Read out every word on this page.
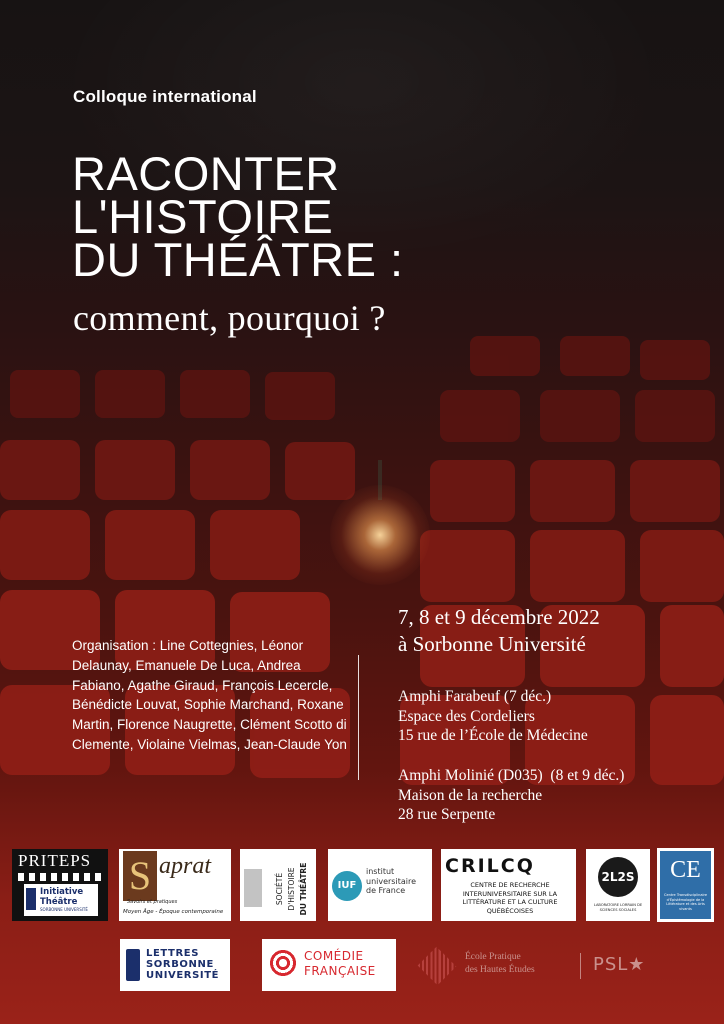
Colloque international
RACONTER
L'HISTOIRE
DU THÉÂTRE :
comment, pourquoi ?
Organisation : Line Cottegnies, Léonor Delaunay, Emanuele De Luca, Andrea Fabiano, Agathe Giraud, François Lecercle, Bénédicte Louvat, Sophie Marchand, Roxane Martin, Florence Naugrette, Clément Scotto di Clemente, Violaine Vielmas, Jean-Claude Yon
7, 8 et 9 décembre 2022
à Sorbonne Université
Amphi Farabeuf (7 déc.)
Espace des Cordeliers
15 rue de l’École de Médecine
Amphi Molinié (D035)  (8 et 9 déc.)
Maison de la recherche
28 rue Serpente
PRITEPS
Initiative
Théâtre
SORBONNE UNIVERSITÉ
S aprat
Savoirs et pratiques
Moyen Âge - Époque contemporaine
SOCIÉTÉ D'HISTOIRE DU THÉÂTRE	IUF
institut
universitaire
de France
CRILCQ
CENTRE DE RECHERCHE INTERUNIVERSITAIRE SUR LA LITTÉRATURE ET LA CULTURE QUÉBÉCOISES
2L2S
LABORATOIRE LORRAIN DE SCIENCES SOCIALES
CE
Centre Transdisciplinaire d'Épistémologie de la Littérature et des Arts vivants
LETTRES
SORBONNE
UNIVERSITÉ
COMÉDIE
FRANÇAISE
École Pratique
des Hautes Études	PSL★
